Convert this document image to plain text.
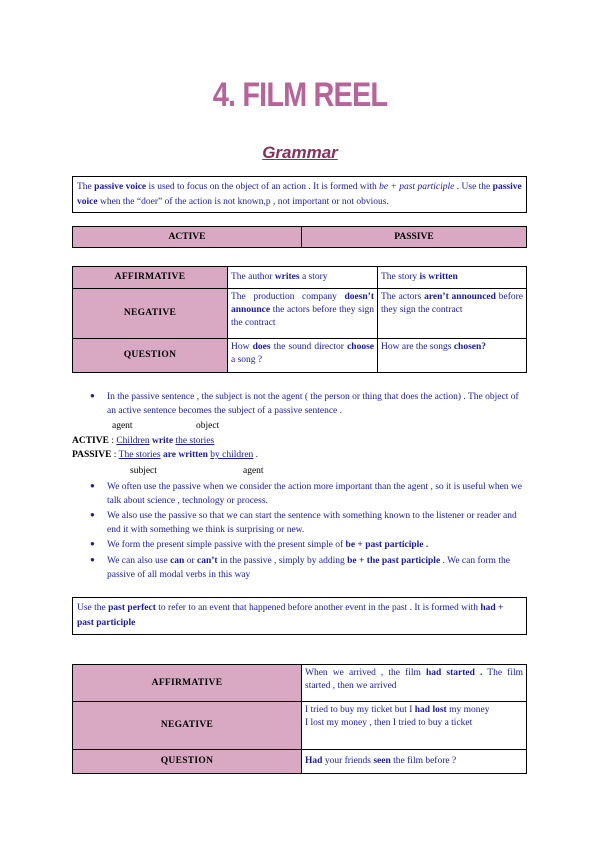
4. FILM REEL
Grammar
The passive voice is used to focus on the object of an action . It is formed with be + past participle . Use the passive voice when the “doer” of the action is not known,p , not important or not obvious.
ACTIVE	PASSIVE
AFFIRMATIVE	The author writes a story	The story is written
NEGATIVE	The production company doesn’t announce the actors before they sign the contract	The actors aren’t announced before they sign the contract
QUESTION	How does the sound director choose a song ?	How are the songs chosen?
●	In the passive sentence , the subject is not the agent ( the person or thing that does the action) . The object of an active sentence becomes the subject of a passive sentence .
agent	object
ACTIVE : Children write the stories
PASSIVE : The stories are written by children .
subject	agent
●	We often use the passive when we consider the action more important than the agent , so it is useful when we talk about science , technology or process.
●	We also use the passive so that we can start the sentence with something known to the listener or reader and end it with something we think is surprising or new.
●	We form the present simple passive with the present simple of be + past participle .
●	We can also use can or can’t in the passive , simply by adding be + the past participle . We can form the passive of all modal verbs in this way
Use the past perfect to refer to an event that happened before another event in the past . It is formed with had + past participle
AFFIRMATIVE	When we arrived , the film had started . The film started , then we arrived
NEGATIVE	I tried to buy my ticket but I had lost my money
I lost my money , then I tried to buy a ticket
QUESTION	Had your friends seen the film before ?
